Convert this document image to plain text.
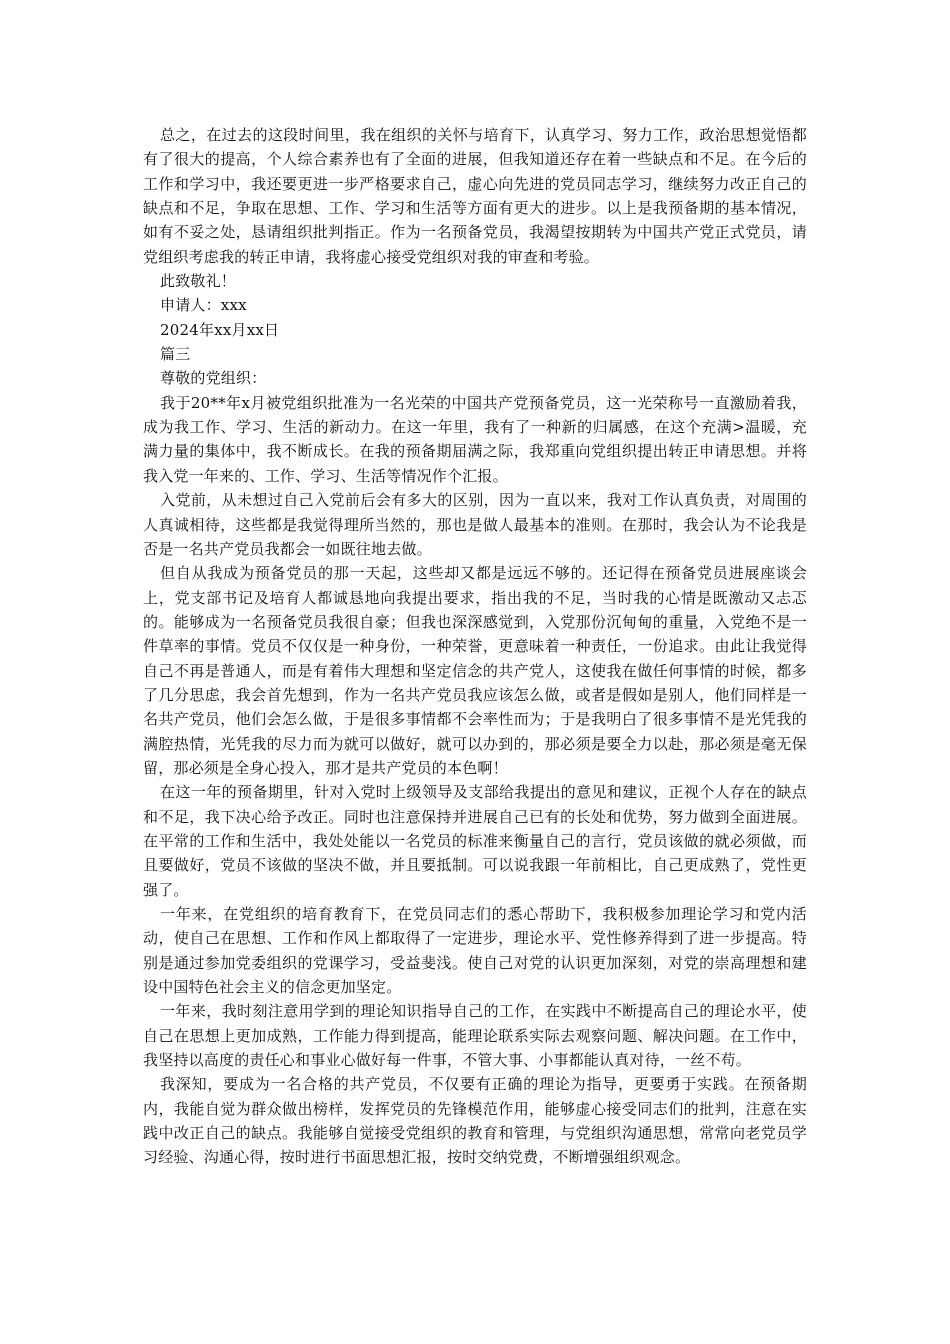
总之，在过去的这段时间里，我在组织的关怀与培育下，认真学习、努力工作，政治思想觉悟都有了很大的提高，个人综合素养也有了全面的进展，但我知道还存在着一些缺点和不足。在今后的工作和学习中，我还要更进一步严格要求自己，虚心向先进的党员同志学习，继续努力改正自己的缺点和不足，争取在思想、工作、学习和生活等方面有更大的进步。以上是我预备期的基本情况，如有不妥之处，恳请组织批判指正。作为一名预备党员，我渴望按期转为中国共产党正式党员，请党组织考虑我的转正申请，我将虚心接受党组织对我的审查和考验。

此致敬礼！

申请人：xxx

2024年xx月xx日

篇三

尊敬的党组织：

我于20**年x月被党组织批准为一名光荣的中国共产党预备党员，这一光荣称号一直激励着我，成为我工作、学习、生活的新动力。在这一年里，我有了一种新的归属感，在这个充满>温暖，充满力量的集体中，我不断成长。在我的预备期届满之际，我郑重向党组织提出转正申请思想。并将我入党一年来的、工作、学习、生活等情况作个汇报。

入党前，从未想过自己入党前后会有多大的区别，因为一直以来，我对工作认真负责，对周围的人真诚相待，这些都是我觉得理所当然的，那也是做人最基本的准则。在那时，我会认为不论我是否是一名共产党员我都会一如既往地去做。

但自从我成为预备党员的那一天起，这些却又都是远远不够的。还记得在预备党员进展座谈会上，党支部书记及培育人都诚恳地向我提出要求，指出我的不足，当时我的心情是既激动又忐忑的。能够成为一名预备党员我很自豪；但我也深深感觉到，入党那份沉甸甸的重量，入党绝不是一件草率的事情。党员不仅仅是一种身份，一种荣誉，更意味着一种责任，一份追求。由此让我觉得自己不再是普通人，而是有着伟大理想和坚定信念的共产党人，这使我在做任何事情的时候，都多了几分思虑，我会首先想到，作为一名共产党员我应该怎么做，或者是假如是别人，他们同样是一名共产党员，他们会怎么做，于是很多事情都不会率性而为；于是我明白了很多事情不是光凭我的满腔热情，光凭我的尽力而为就可以做好，就可以办到的，那必须是要全力以赴，那必须是毫无保留，那必须是全身心投入，那才是共产党员的本色啊！

在这一年的预备期里，针对入党时上级领导及支部给我提出的意见和建议，正视个人存在的缺点和不足，我下决心给予改正。同时也注意保持并进展自己已有的长处和优势，努力做到全面进展。在平常的工作和生活中，我处处能以一名党员的标准来衡量自己的言行，党员该做的就必须做，而且要做好，党员不该做的坚决不做，并且要抵制。可以说我跟一年前相比，自己更成熟了，党性更强了。

一年来，在党组织的培育教育下，在党员同志们的悉心帮助下，我积极参加理论学习和党内活动，使自己在思想、工作和作风上都取得了一定进步，理论水平、党性修养得到了进一步提高。特别是通过参加党委组织的党课学习，受益斐浅。使自己对党的认识更加深刻，对党的崇高理想和建设中国特色社会主义的信念更加坚定。

一年来，我时刻注意用学到的理论知识指导自己的工作，在实践中不断提高自己的理论水平，使自己在思想上更加成熟，工作能力得到提高，能理论联系实际去观察问题、解决问题。在工作中，我坚持以高度的责任心和事业心做好每一件事，不管大事、小事都能认真对待，一丝不苟。

我深知，要成为一名合格的共产党员，不仅要有正确的理论为指导，更要勇于实践。在预备期内，我能自觉为群众做出榜样，发挥党员的先锋模范作用，能够虚心接受同志们的批判，注意在实践中改正自己的缺点。我能够自觉接受党组织的教育和管理，与党组织沟通思想，常常向老党员学习经验、沟通心得，按时进行书面思想汇报，按时交纳党费，不断增强组织观念。
